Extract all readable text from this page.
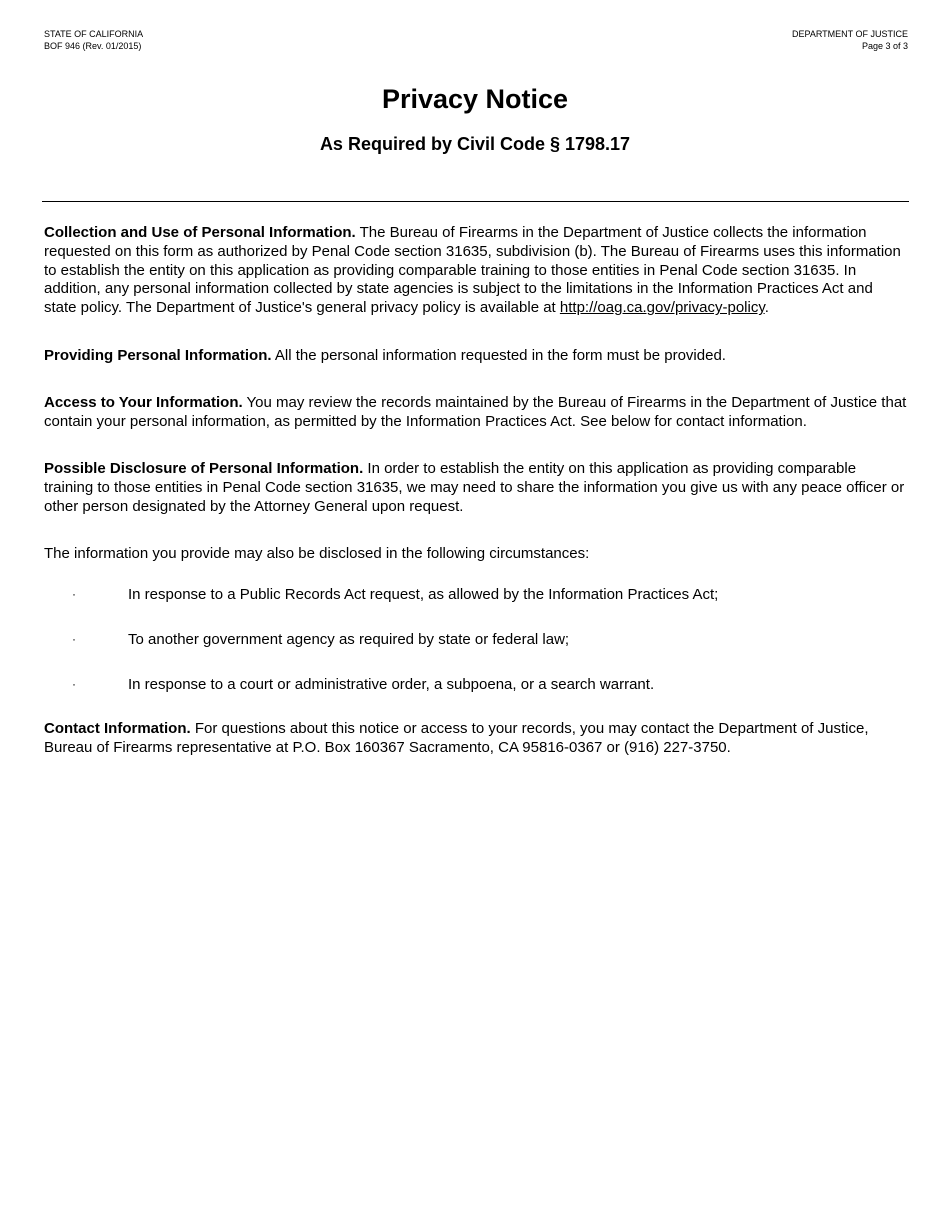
STATE OF CALIFORNIA
BOF 946 (Rev. 01/2015)
DEPARTMENT OF JUSTICE
Page 3 of 3
Privacy Notice
As Required by Civil Code § 1798.17

Collection and Use of Personal Information. The Bureau of Firearms in the Department of Justice collects the information requested on this form as authorized by Penal Code section 31635, subdivision (b). The Bureau of Firearms uses this information to establish the entity on this application as providing comparable training to those entities in Penal Code section 31635. In addition, any personal information collected by state agencies is subject to the limitations in the Information Practices Act and state policy. The Department of Justice's general privacy policy is available at http://oag.ca.gov/privacy-policy.

Providing Personal Information. All the personal information requested in the form must be provided.

Access to Your Information. You may review the records maintained by the Bureau of Firearms in the Department of Justice that contain your personal information, as permitted by the Information Practices Act. See below for contact information.

Possible Disclosure of Personal Information. In order to establish the entity on this application as providing comparable training to those entities in Penal Code section 31635, we may need to share the information you give us with any peace officer or other person designated by the Attorney General upon request.

The information you provide may also be disclosed in the following circumstances:

·	In response to a Public Records Act request, as allowed by the Information Practices Act;
·	To another government agency as required by state or federal law;
·	In response to a court or administrative order, a subpoena, or a search warrant.

Contact Information. For questions about this notice or access to your records, you may contact the Department of Justice, Bureau of Firearms representative at P.O. Box 160367 Sacramento, CA 95816-0367 or (916) 227-3750.
